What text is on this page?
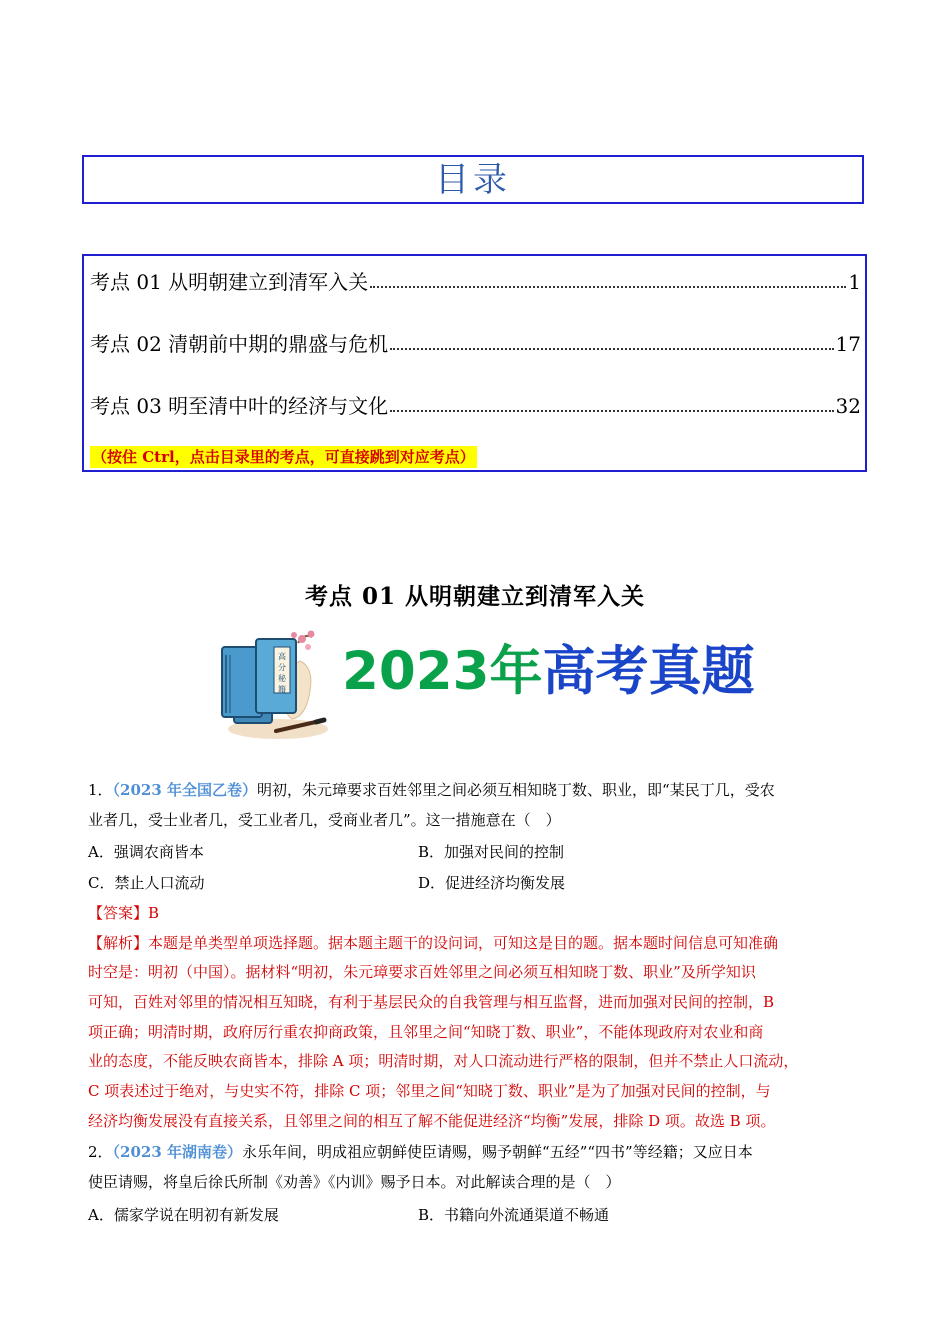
目录
考点 01 从明朝建立到清军入关	1
考点 02 清朝前中期的鼎盛与危机	17
考点 03 明至清中叶的经济与文化	32
（按住 Ctrl，点击目录里的考点，可直接跳到对应考点）
考点 01 从明朝建立到清军入关
高
分
秘
籍 2023年高考真题
1．（2023 年全国乙卷）明初，朱元璋要求百姓邻里之间必须互相知晓丁数、职业，即“某民丁几，受农
业者几，受士业者几，受工业者几，受商业者几”。这一措施意在（　）
A．强调农商皆本	B．加强对民间的控制
C．禁止人口流动	D．促进经济均衡发展
【答案】B
【解析】本题是单类型单项选择题。据本题主题干的设问词，可知这是目的题。据本题时间信息可知准确
时空是：明初（中国）。据材料“明初，朱元璋要求百姓邻里之间必须互相知晓丁数、职业”及所学知识
可知，百姓对邻里的情况相互知晓，有利于基层民众的自我管理与相互监督，进而加强对民间的控制，B
项正确；明清时期，政府厉行重农抑商政策，且邻里之间“知晓丁数、职业”，不能体现政府对农业和商
业的态度，不能反映农商皆本，排除 A 项；明清时期，对人口流动进行严格的限制，但并不禁止人口流动，
C 项表述过于绝对，与史实不符，排除 C 项；邻里之间“知晓丁数、职业”是为了加强对民间的控制，与
经济均衡发展没有直接关系，且邻里之间的相互了解不能促进经济“均衡”发展，排除 D 项。故选 B 项。
2．（2023 年湖南卷）永乐年间，明成祖应朝鲜使臣请赐，赐予朝鲜“五经”“四书”等经籍；又应日本
使臣请赐，将皇后徐氏所制《劝善》《内训》赐予日本。对此解读合理的是（　）
A．儒家学说在明初有新发展	B．书籍向外流通渠道不畅通
